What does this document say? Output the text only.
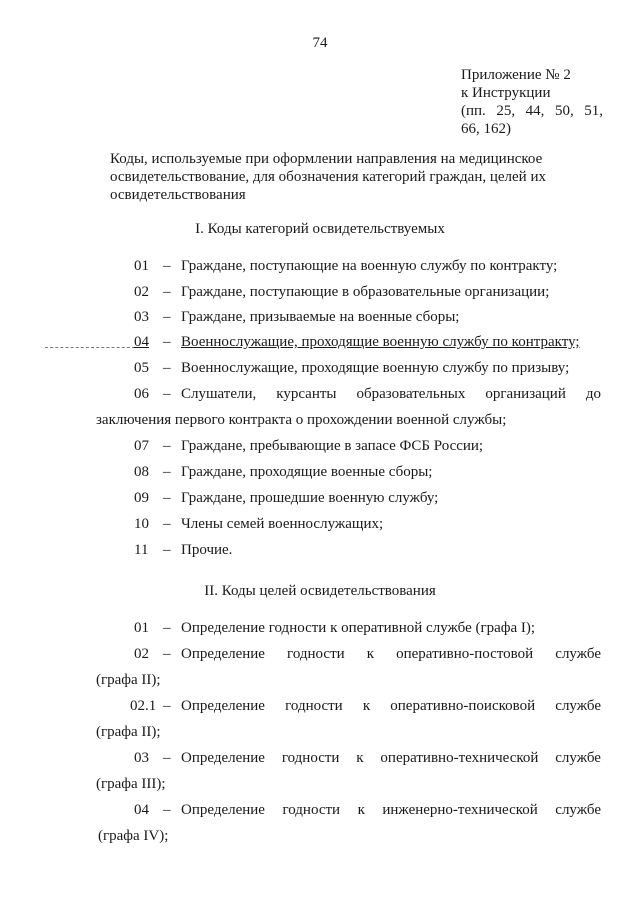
74
Приложение № 2
к Инструкции
(пп. 25, 44, 50, 51,
66, 162)
Коды, используемые при оформлении направления на медицинское
освидетельствование, для обозначения категорий граждан, целей их
освидетельствования
I. Коды категорий освидетельствуемых
01 – Граждане, поступающие на военную службу по контракту;
02 – Граждане, поступающие в образовательные организации;
03 – Граждане, призываемые на военные сборы;
04 – Военнослужащие, проходящие военную службу по контракту;
05 – Военнослужащие, проходящие военную службу по призыву;
06 – Слушатели, курсанты образовательных организаций до
заключения первого контракта о прохождении военной службы;
07 – Граждане, пребывающие в запасе ФСБ России;
08 – Граждане, проходящие военные сборы;
09 – Граждане, прошедшие военную службу;
10 – Члены семей военнослужащих;
11 – Прочие.
II. Коды целей освидетельствования
01 – Определение годности к оперативной службе (графа I);
02 – Определение годности к оперативно-постовой службе
(графа II);
02.1 – Определение годности к оперативно-поисковой службе
(графа II);
03 – Определение годности к оперативно-технической службе
(графа III);
04 – Определение годности к инженерно-технической службе
(графа IV);
